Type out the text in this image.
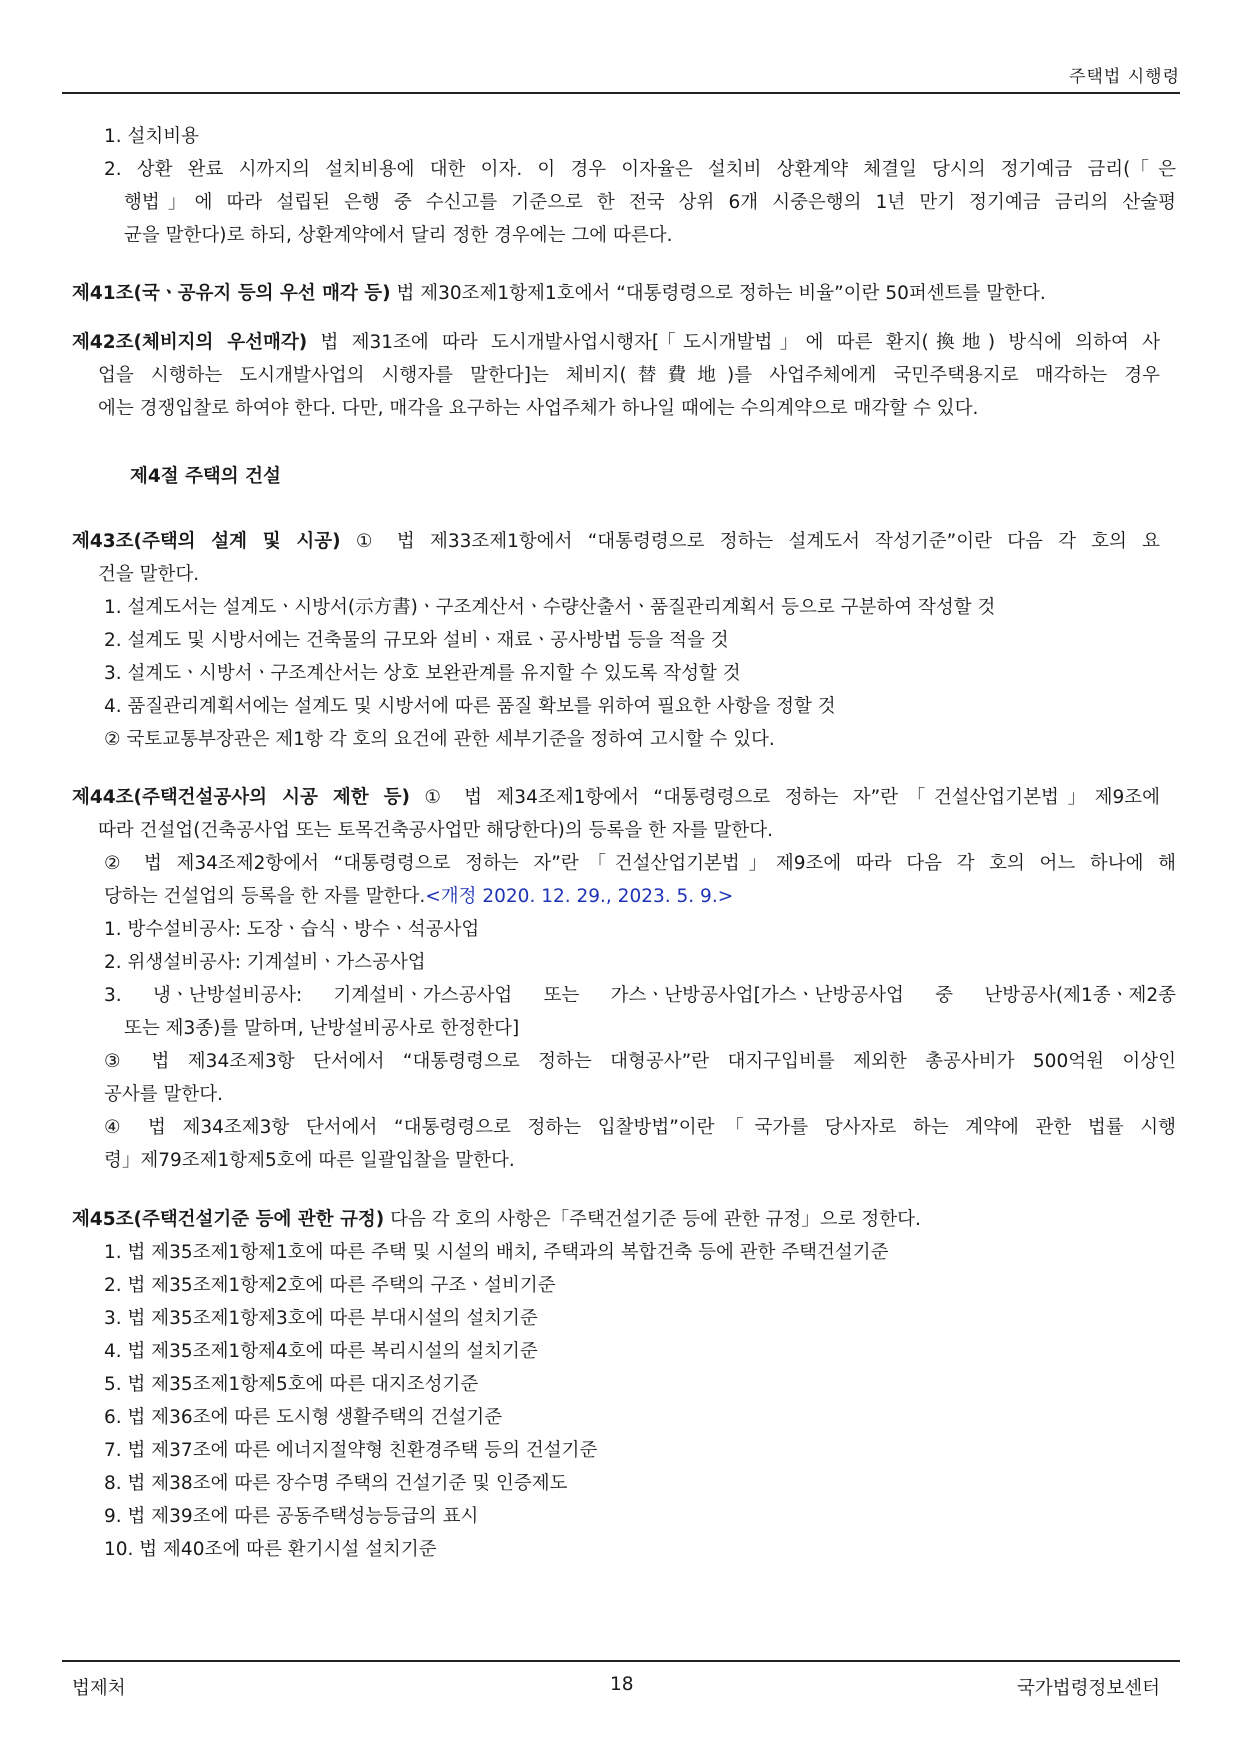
주택법 시행령
1. 설치비용
2. 상환 완료 시까지의 설치비용에 대한 이자. 이 경우 이자율은 설치비 상환계약 체결일 당시의 정기예금 금리(「은
행법」에 따라 설립된 은행 중 수신고를 기준으로 한 전국 상위 6개 시중은행의 1년 만기 정기예금 금리의 산술평
균을 말한다)로 하되, 상환계약에서 달리 정한 경우에는 그에 따른다.
제41조(국ㆍ공유지 등의 우선 매각 등) 법 제30조제1항제1호에서 “대통령령으로 정하는 비율”이란 50퍼센트를 말한다.
제42조(체비지의 우선매각) 법 제31조에 따라 도시개발사업시행자[「도시개발법」에 따른 환지(換地) 방식에 의하여 사
업을 시행하는 도시개발사업의 시행자를 말한다]는 체비지(替費地)를 사업주체에게 국민주택용지로 매각하는 경우
에는 경쟁입찰로 하여야 한다. 다만, 매각을 요구하는 사업주체가 하나일 때에는 수의계약으로 매각할 수 있다.
제4절 주택의 건설
제43조(주택의 설계 및 시공) ① 법 제33조제1항에서 “대통령령으로 정하는 설계도서 작성기준”이란 다음 각 호의 요
건을 말한다.
1. 설계도서는 설계도ㆍ시방서(示方書)ㆍ구조계산서ㆍ수량산출서ㆍ품질관리계획서 등으로 구분하여 작성할 것
2. 설계도 및 시방서에는 건축물의 규모와 설비ㆍ재료ㆍ공사방법 등을 적을 것
3. 설계도ㆍ시방서ㆍ구조계산서는 상호 보완관계를 유지할 수 있도록 작성할 것
4. 품질관리계획서에는 설계도 및 시방서에 따른 품질 확보를 위하여 필요한 사항을 정할 것
② 국토교통부장관은 제1항 각 호의 요건에 관한 세부기준을 정하여 고시할 수 있다.
제44조(주택건설공사의 시공 제한 등) ① 법 제34조제1항에서 “대통령령으로 정하는 자”란「건설산업기본법」제9조에
따라 건설업(건축공사업 또는 토목건축공사업만 해당한다)의 등록을 한 자를 말한다.
② 법 제34조제2항에서 “대통령령으로 정하는 자”란「건설산업기본법」제9조에 따라 다음 각 호의 어느 하나에 해
당하는 건설업의 등록을 한 자를 말한다.<개정 2020. 12. 29., 2023. 5. 9.>
1. 방수설비공사: 도장ㆍ습식ㆍ방수ㆍ석공사업
2. 위생설비공사: 기계설비ㆍ가스공사업
3. 냉ㆍ난방설비공사: 기계설비ㆍ가스공사업 또는 가스ㆍ난방공사업[가스ㆍ난방공사업 중 난방공사(제1종ㆍ제2종
또는 제3종)를 말하며, 난방설비공사로 한정한다]
③ 법 제34조제3항 단서에서 “대통령령으로 정하는 대형공사”란 대지구입비를 제외한 총공사비가 500억원 이상인
공사를 말한다.
④ 법 제34조제3항 단서에서 “대통령령으로 정하는 입찰방법”이란「국가를 당사자로 하는 계약에 관한 법률 시행
령」제79조제1항제5호에 따른 일괄입찰을 말한다.
제45조(주택건설기준 등에 관한 규정) 다음 각 호의 사항은「주택건설기준 등에 관한 규정」으로 정한다.
1. 법 제35조제1항제1호에 따른 주택 및 시설의 배치, 주택과의 복합건축 등에 관한 주택건설기준
2. 법 제35조제1항제2호에 따른 주택의 구조ㆍ설비기준
3. 법 제35조제1항제3호에 따른 부대시설의 설치기준
4. 법 제35조제1항제4호에 따른 복리시설의 설치기준
5. 법 제35조제1항제5호에 따른 대지조성기준
6. 법 제36조에 따른 도시형 생활주택의 건설기준
7. 법 제37조에 따른 에너지절약형 친환경주택 등의 건설기준
8. 법 제38조에 따른 장수명 주택의 건설기준 및 인증제도
9. 법 제39조에 따른 공동주택성능등급의 표시
10. 법 제40조에 따른 환기시설 설치기준
법제처	18	국가법령정보센터
